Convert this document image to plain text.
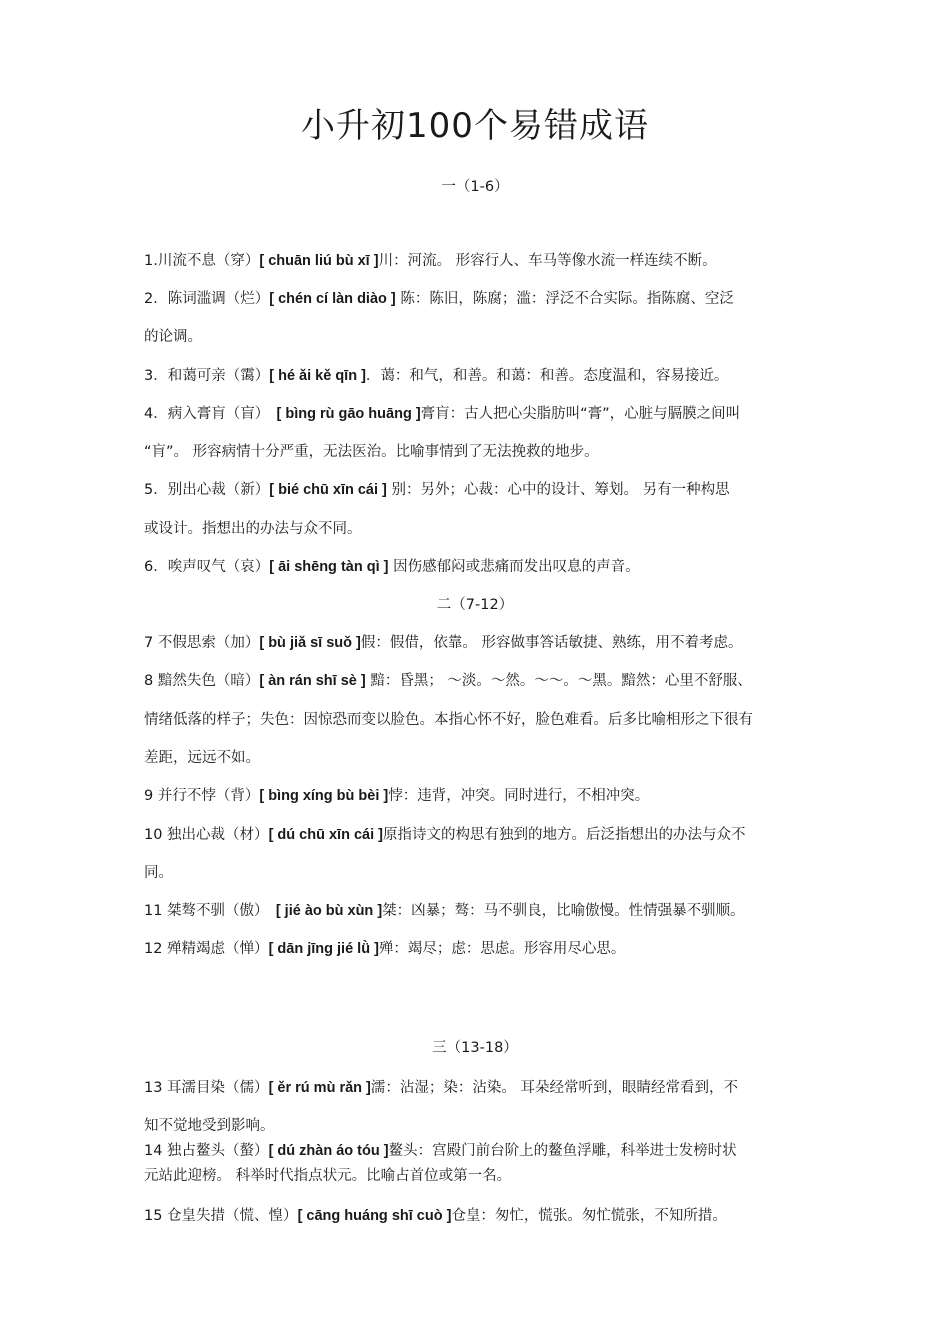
小升初100个易错成语
一（1-6）
1.川流不息（穿）[ chuān liú bù xī ]川：河流。 形容行人、车马等像水流一样连续不断。
2．陈词滥调（烂）[ chén cí làn diào ] 陈：陈旧，陈腐；滥：浮泛不合实际。指陈腐、空泛
的论调。
3．和蔼可亲（霭）[ hé ǎi kě qīn ]．蔼：和气，和善。和蔼：和善。态度温和，容易接近。
4．病入膏肓（盲）　[ bìng rù gāo huāng ]膏肓：古人把心尖脂肪叫“膏”，心脏与膈膜之间叫
“肓”。 形容病情十分严重，无法医治。比喻事情到了无法挽救的地步。
5．别出心裁（新）[ bié chū xīn cái ] 别：另外；心裁：心中的设计、筹划。 另有一种构思
或设计。指想出的办法与众不同。
6．唉声叹气（哀）[ āi shēng tàn qì ] 因伤感郁闷或悲痛而发出叹息的声音。
二（7-12）
7 不假思索（加）[ bù jiǎ sī suǒ ]假：假借，依靠。 形容做事答话敏捷、熟练，用不着考虑。
8 黯然失色（暗）[ àn rán shī sè ] 黯：昏黑； ～淡。～然。～～。～黑。黯然：心里不舒服、
情绪低落的样子；失色：因惊恐而变以脸色。本指心怀不好，脸色难看。后多比喻相形之下很有
差距，远远不如。
9 并行不悖（背）[ bìng xíng bù bèi ]悖：违背，冲突。同时进行，不相冲突。
10 独出心裁（材）[ dú chū xīn cái ]原指诗文的构思有独到的地方。后泛指想出的办法与众不
同。
11 桀骜不驯（傲）　[ jié ào bù xùn ]桀：凶暴；骜：马不驯良，比喻傲慢。性情强暴不驯顺。
12 殚精竭虑（惮）[ dān jīng jié lǜ ]殚：竭尽；虑：思虑。形容用尽心思。
三（13-18）
13 耳濡目染（儒）[ ěr rú mù rǎn ]濡：沾湿；染：沾染。 耳朵经常听到，眼睛经常看到，不
知不觉地受到影响。
14 独占鳌头（螯）[ dú zhàn áo tóu ]鳌头：宫殿门前台阶上的鳌鱼浮雕，科举进士发榜时状
元站此迎榜。 科举时代指点状元。比喻占首位或第一名。
15 仓皇失措（慌、惶）[ cāng huáng shī cuò ]仓皇：匆忙，慌张。匆忙慌张，不知所措。
